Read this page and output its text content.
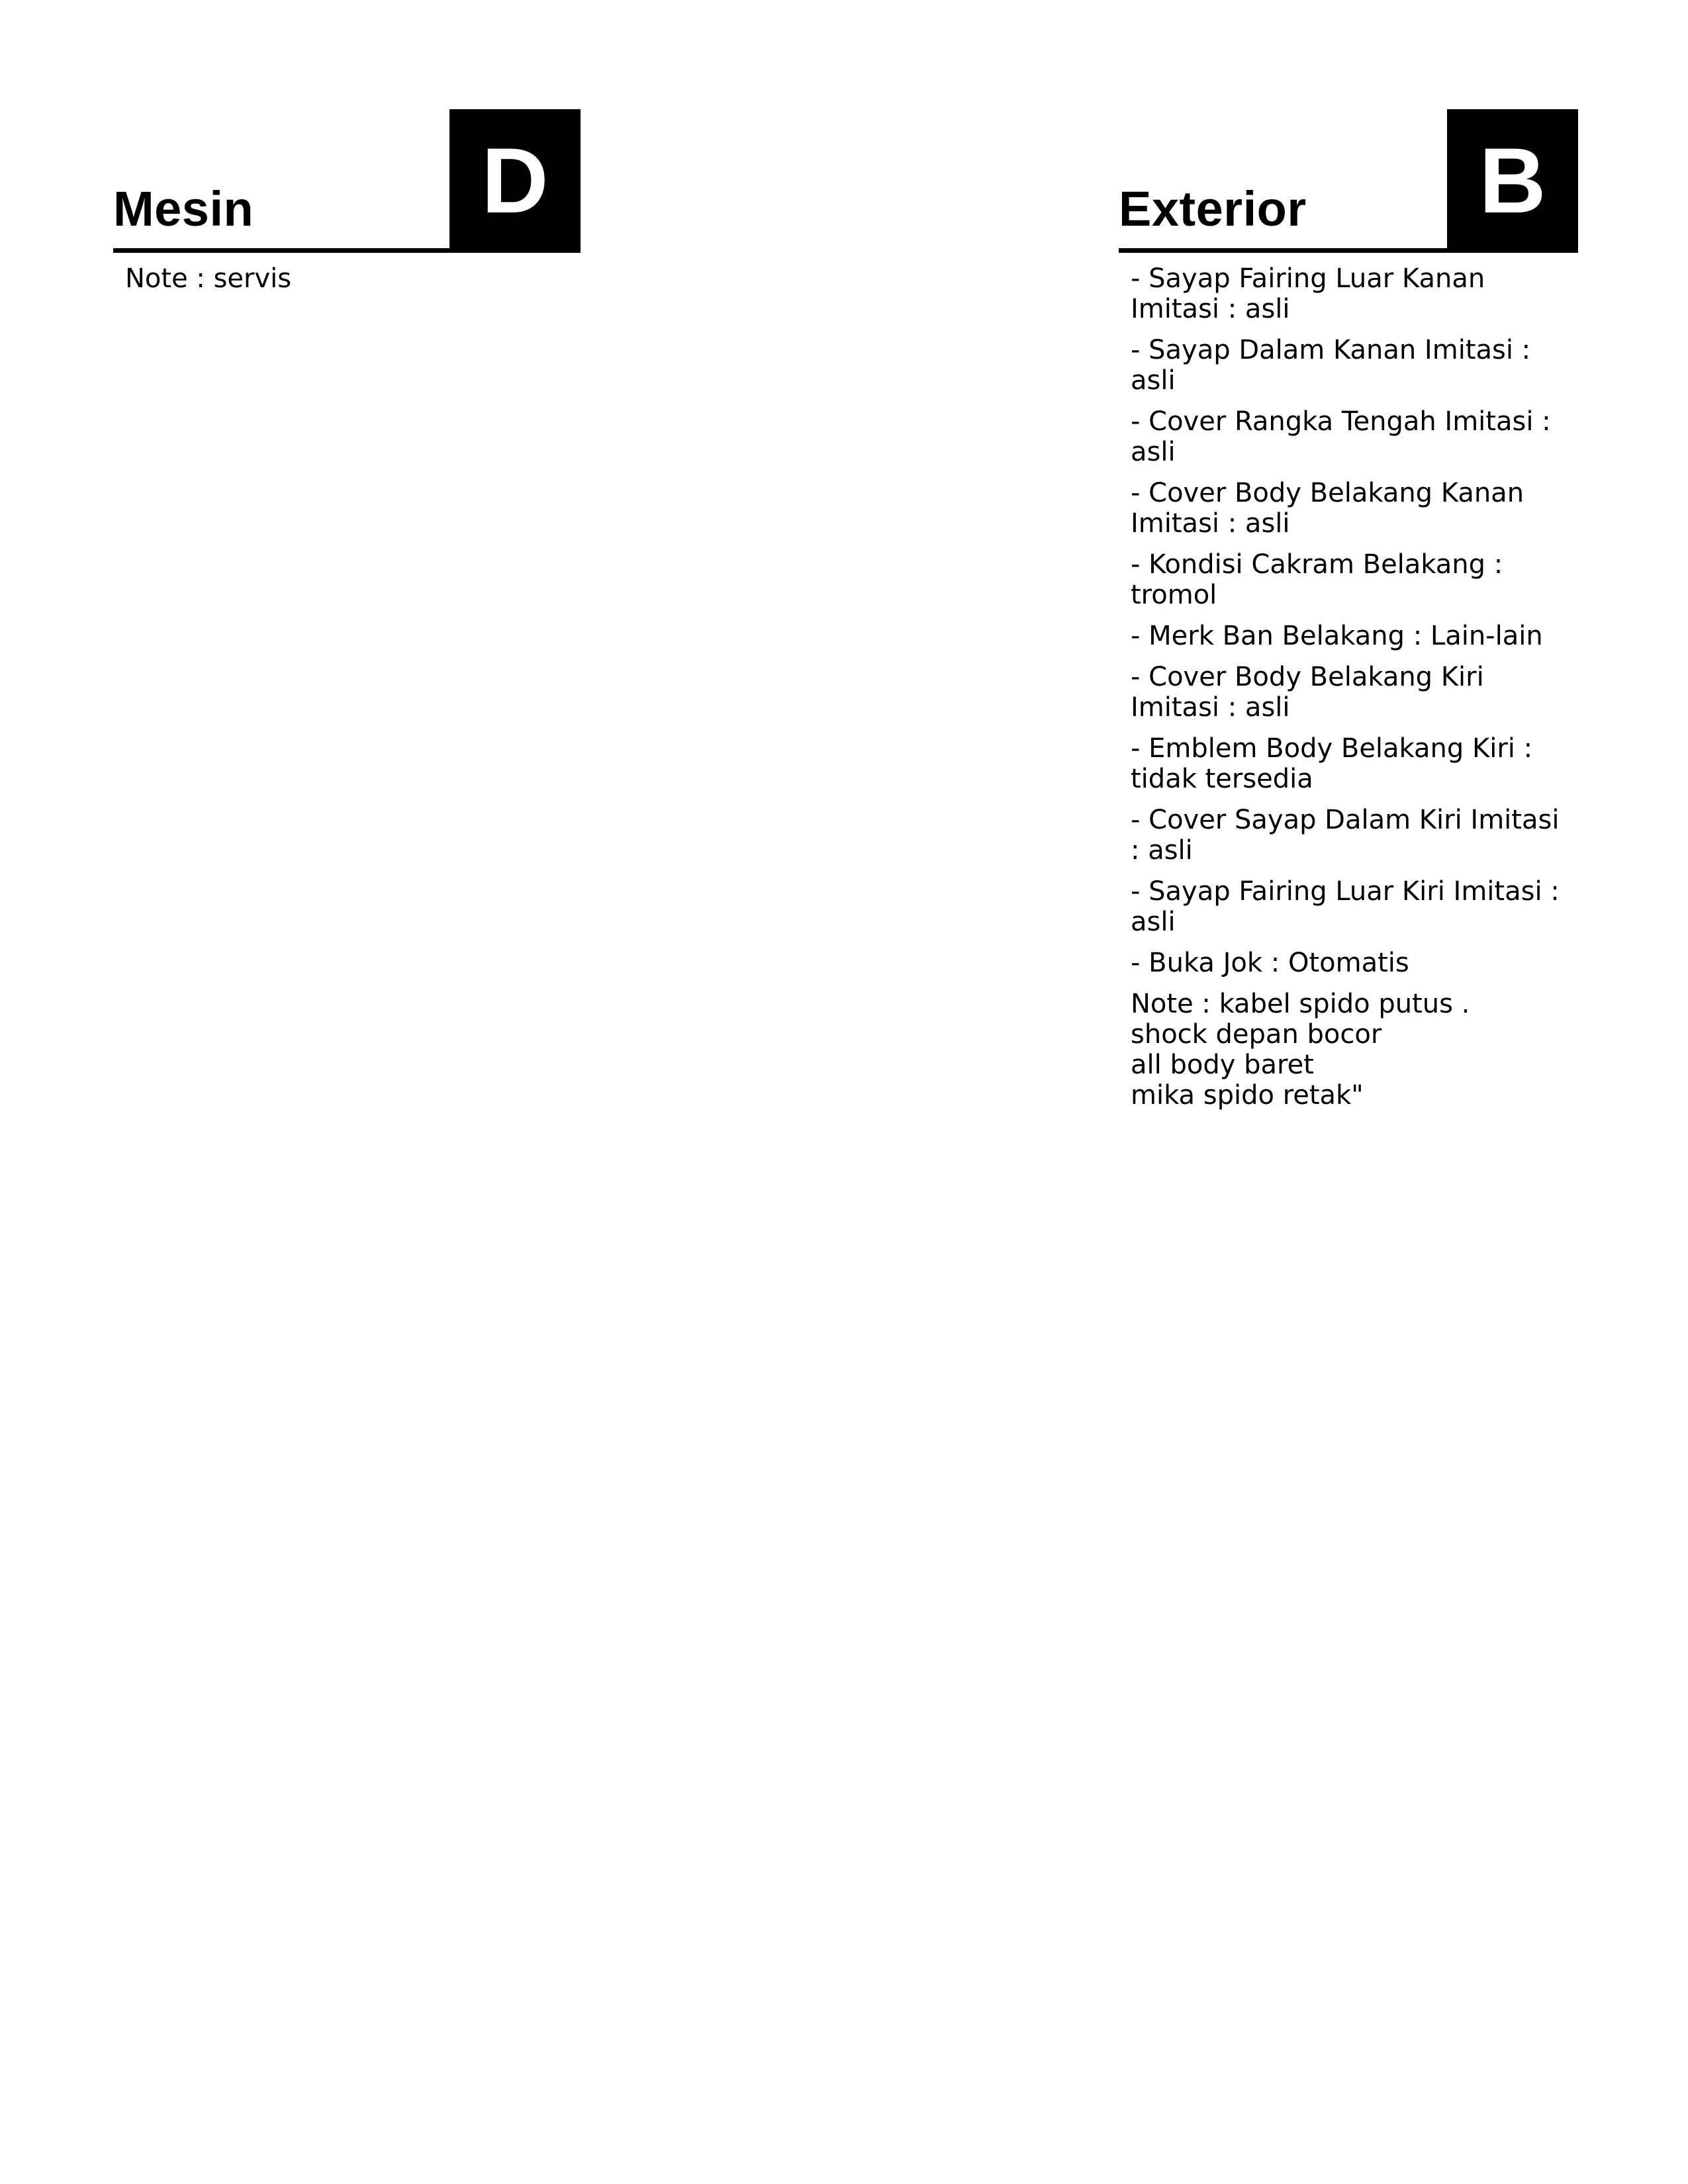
Mesin	D

Note : servis

Exterior	B

- Sayap Fairing Luar Kanan Imitasi : asli

- Sayap Dalam Kanan Imitasi : asli

- Cover Rangka Tengah Imitasi : asli

- Cover Body Belakang Kanan Imitasi : asli

- Kondisi Cakram Belakang : tromol

- Merk Ban Belakang : Lain-lain

- Cover Body Belakang Kiri Imitasi : asli

- Emblem Body Belakang Kiri : tidak tersedia

- Cover Sayap Dalam Kiri Imitasi : asli

- Sayap Fairing Luar Kiri Imitasi : asli

- Buka Jok : Otomatis

Note : kabel spido putus .
shock depan bocor
all body baret
mika spido retak"
